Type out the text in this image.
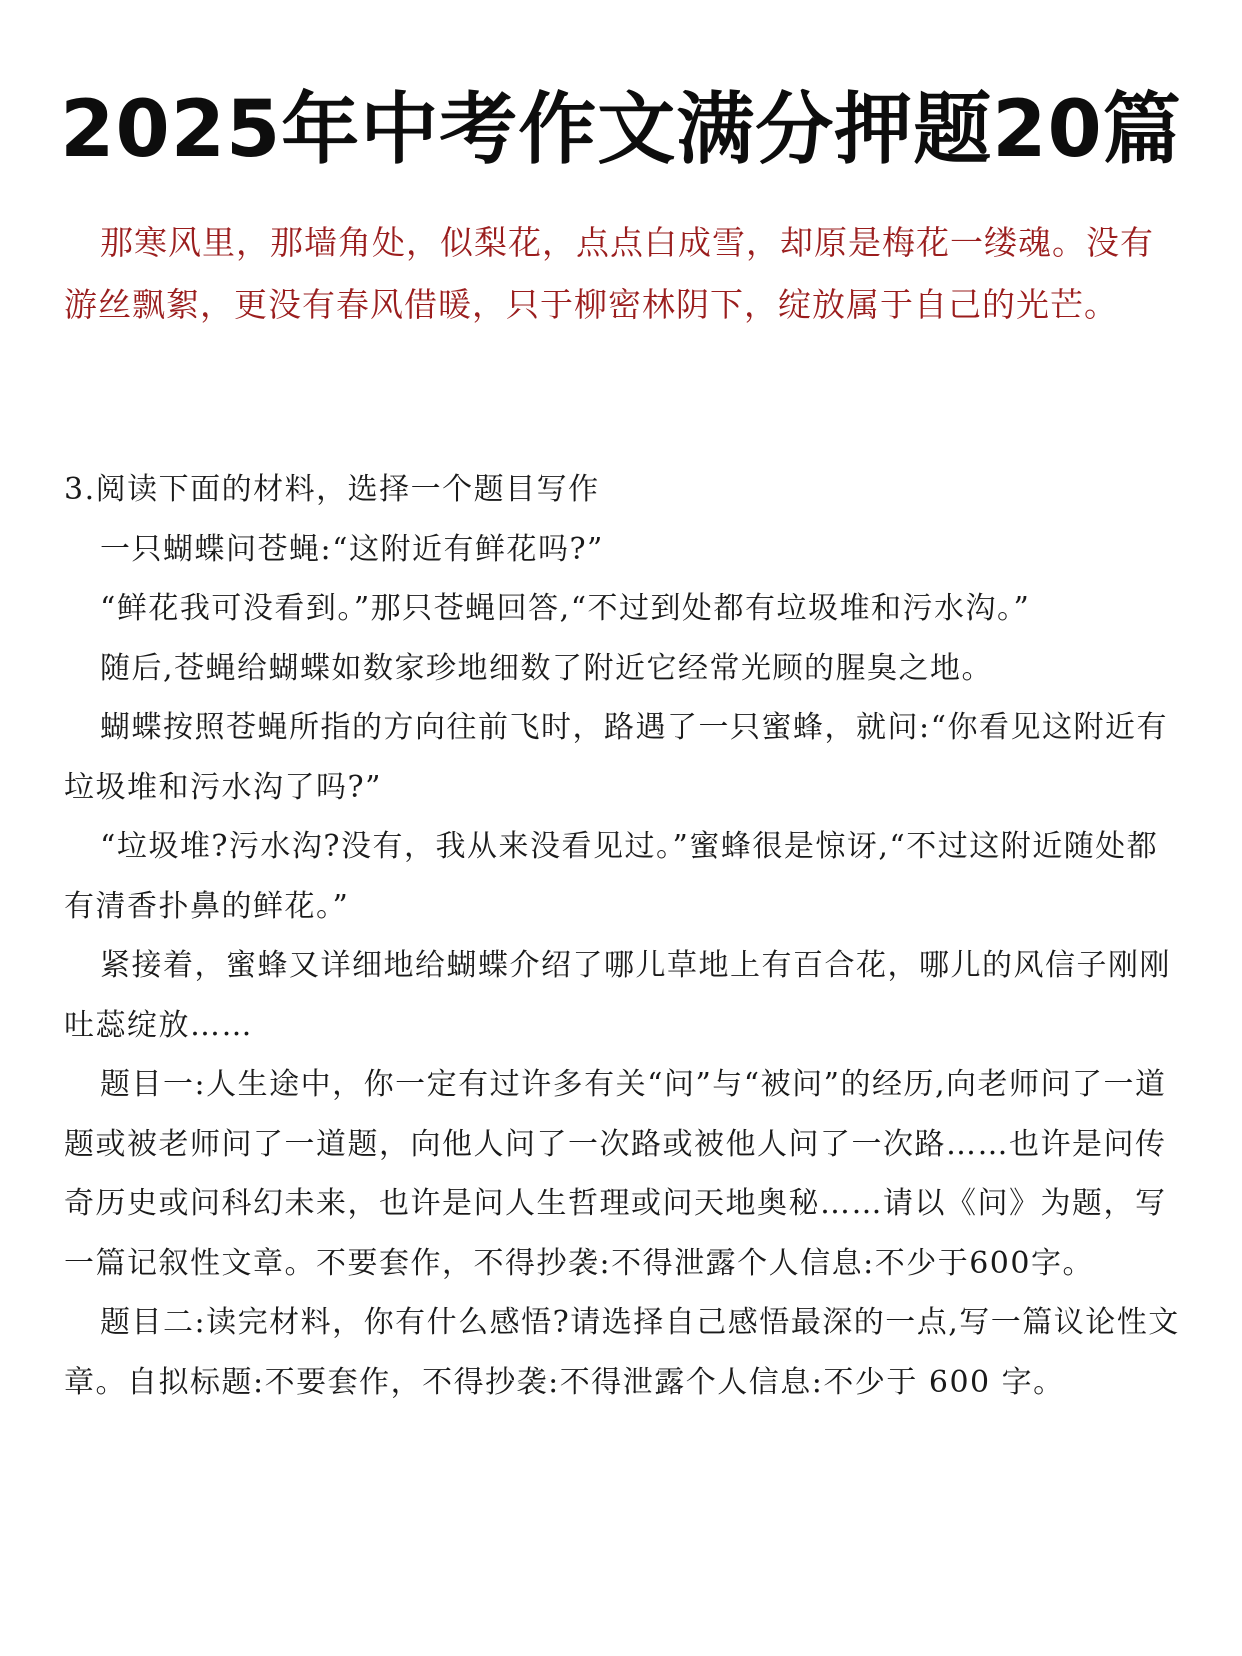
2025年中考作文满分押题20篇

那寒风里，那墙角处，似梨花，点点白成雪，却原是梅花一缕魂。没有游丝飘絮，更没有春风借暖，只于柳密林阴下，绽放属于自己的光芒。

3.阅读下面的材料，选择一个题目写作

一只蝴蝶问苍蝇:“这附近有鲜花吗?”

“鲜花我可没看到。”那只苍蝇回答,“不过到处都有垃圾堆和污水沟。”

随后,苍蝇给蝴蝶如数家珍地细数了附近它经常光顾的腥臭之地。

蝴蝶按照苍蝇所指的方向往前飞时，路遇了一只蜜蜂，就问:“你看见这附近有垃圾堆和污水沟了吗?”

“垃圾堆?污水沟?没有，我从来没看见过。”蜜蜂很是惊讶,“不过这附近随处都有清香扑鼻的鲜花。”

紧接着，蜜蜂又详细地给蝴蝶介绍了哪儿草地上有百合花，哪儿的风信子刚刚吐蕊绽放……

题目一:人生途中，你一定有过许多有关“问”与“被问”的经历,向老师问了一道题或被老师问了一道题，向他人问了一次路或被他人问了一次路……也许是问传奇历史或问科幻未来，也许是问人生哲理或问天地奥秘……请以《问》为题，写一篇记叙性文章。不要套作，不得抄袭:不得泄露个人信息:不少于600字。

题目二:读完材料，你有什么感悟?请选择自己感悟最深的一点,写一篇议论性文章。自拟标题:不要套作，不得抄袭:不得泄露个人信息:不少于 600 字。
